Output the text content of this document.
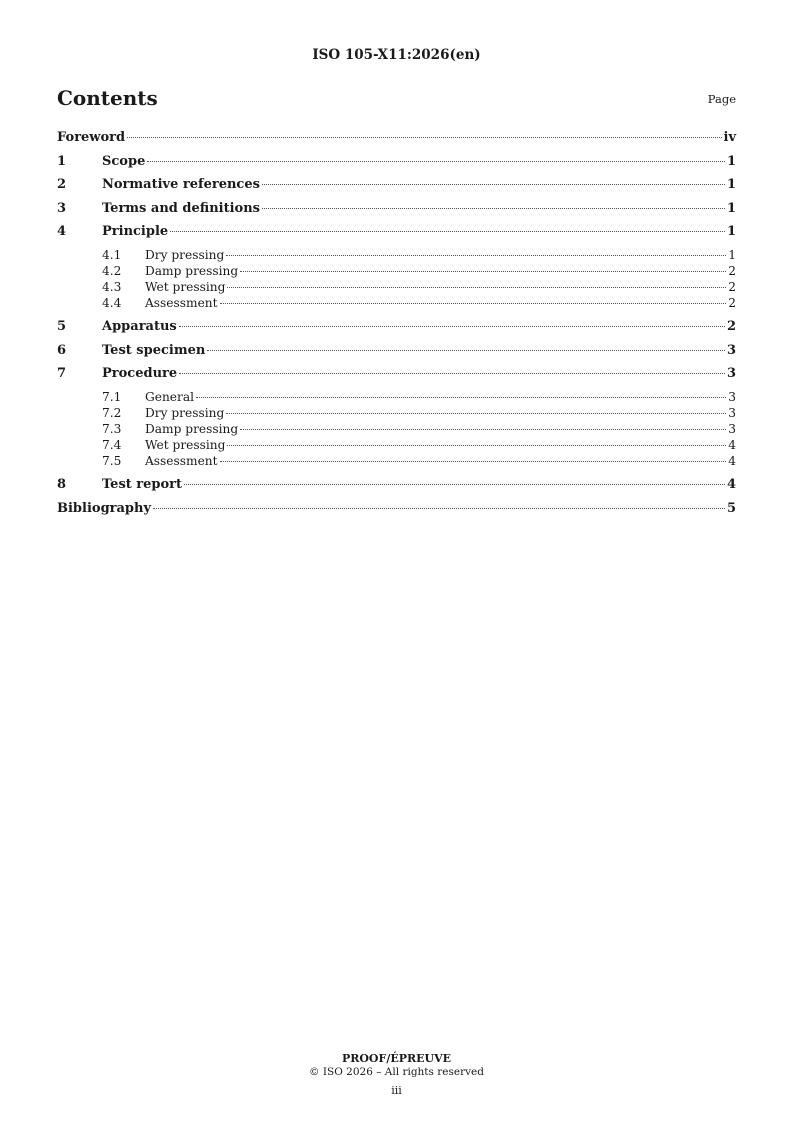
ISO 105-X11:2026(en)
Contents	Page
Foreword	iv
1	Scope	1
2	Normative references	1
3	Terms and definitions	1
4	Principle	1
4.1	Dry pressing	1
4.2	Damp pressing	2
4.3	Wet pressing	2
4.4	Assessment	2
5	Apparatus	2
6	Test specimen	3
7	Procedure	3
7.1	General	3
7.2	Dry pressing	3
7.3	Damp pressing	3
7.4	Wet pressing	4
7.5	Assessment	4
8	Test report	4
Bibliography	5
PROOF/ÉPREUVE
© ISO 2026 – All rights reserved
iii
